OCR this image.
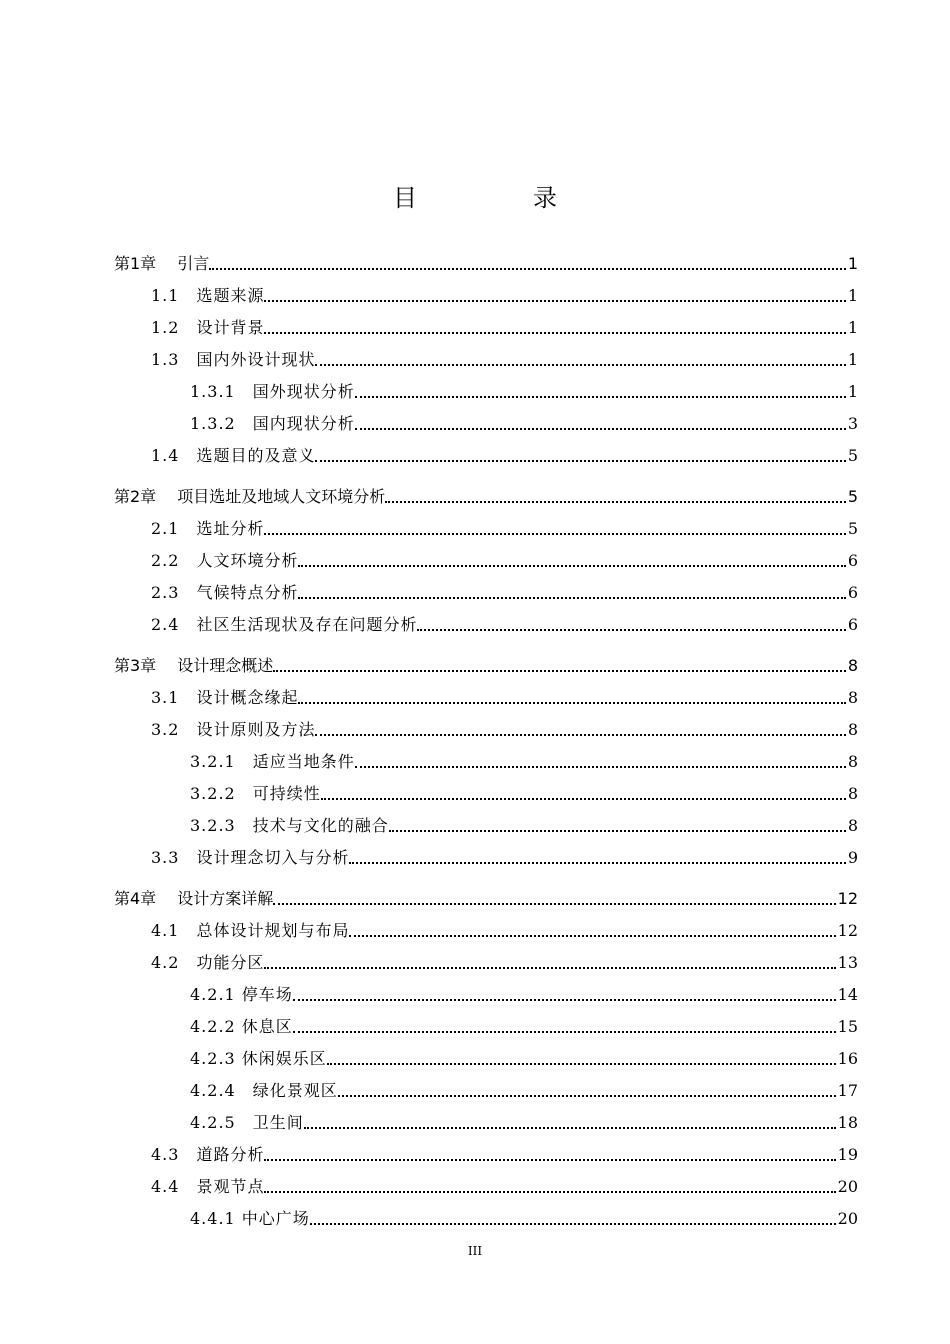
目　录
第1章　 引言	1
1.1　选题来源	1
1.2　设计背景	1
1.3　国内外设计现状	1
1.3.1　国外现状分析	1
1.3.2　国内现状分析	3
1.4　选题目的及意义	5
第2章　 项目选址及地域人文环境分析	5
2.1　选址分析	5
2.2　人文环境分析	6
2.3　气候特点分析	6
2.4　社区生活现状及存在问题分析	6
第3章　 设计理念概述	8
3.1　设计概念缘起	8
3.2　设计原则及方法	8
3.2.1　适应当地条件	8
3.2.2　可持续性	8
3.2.3　技术与文化的融合	8
3.3　设计理念切入与分析	9
第4章　 设计方案详解	12
4.1　总体设计规划与布局	12
4.2　功能分区	13
4.2.1 停车场	14
4.2.2 休息区	15
4.2.3 休闲娱乐区	16
4.2.4　绿化景观区	17
4.2.5　卫生间	18
4.3　道路分析	19
4.4　景观节点	20
4.4.1 中心广场	20
III
